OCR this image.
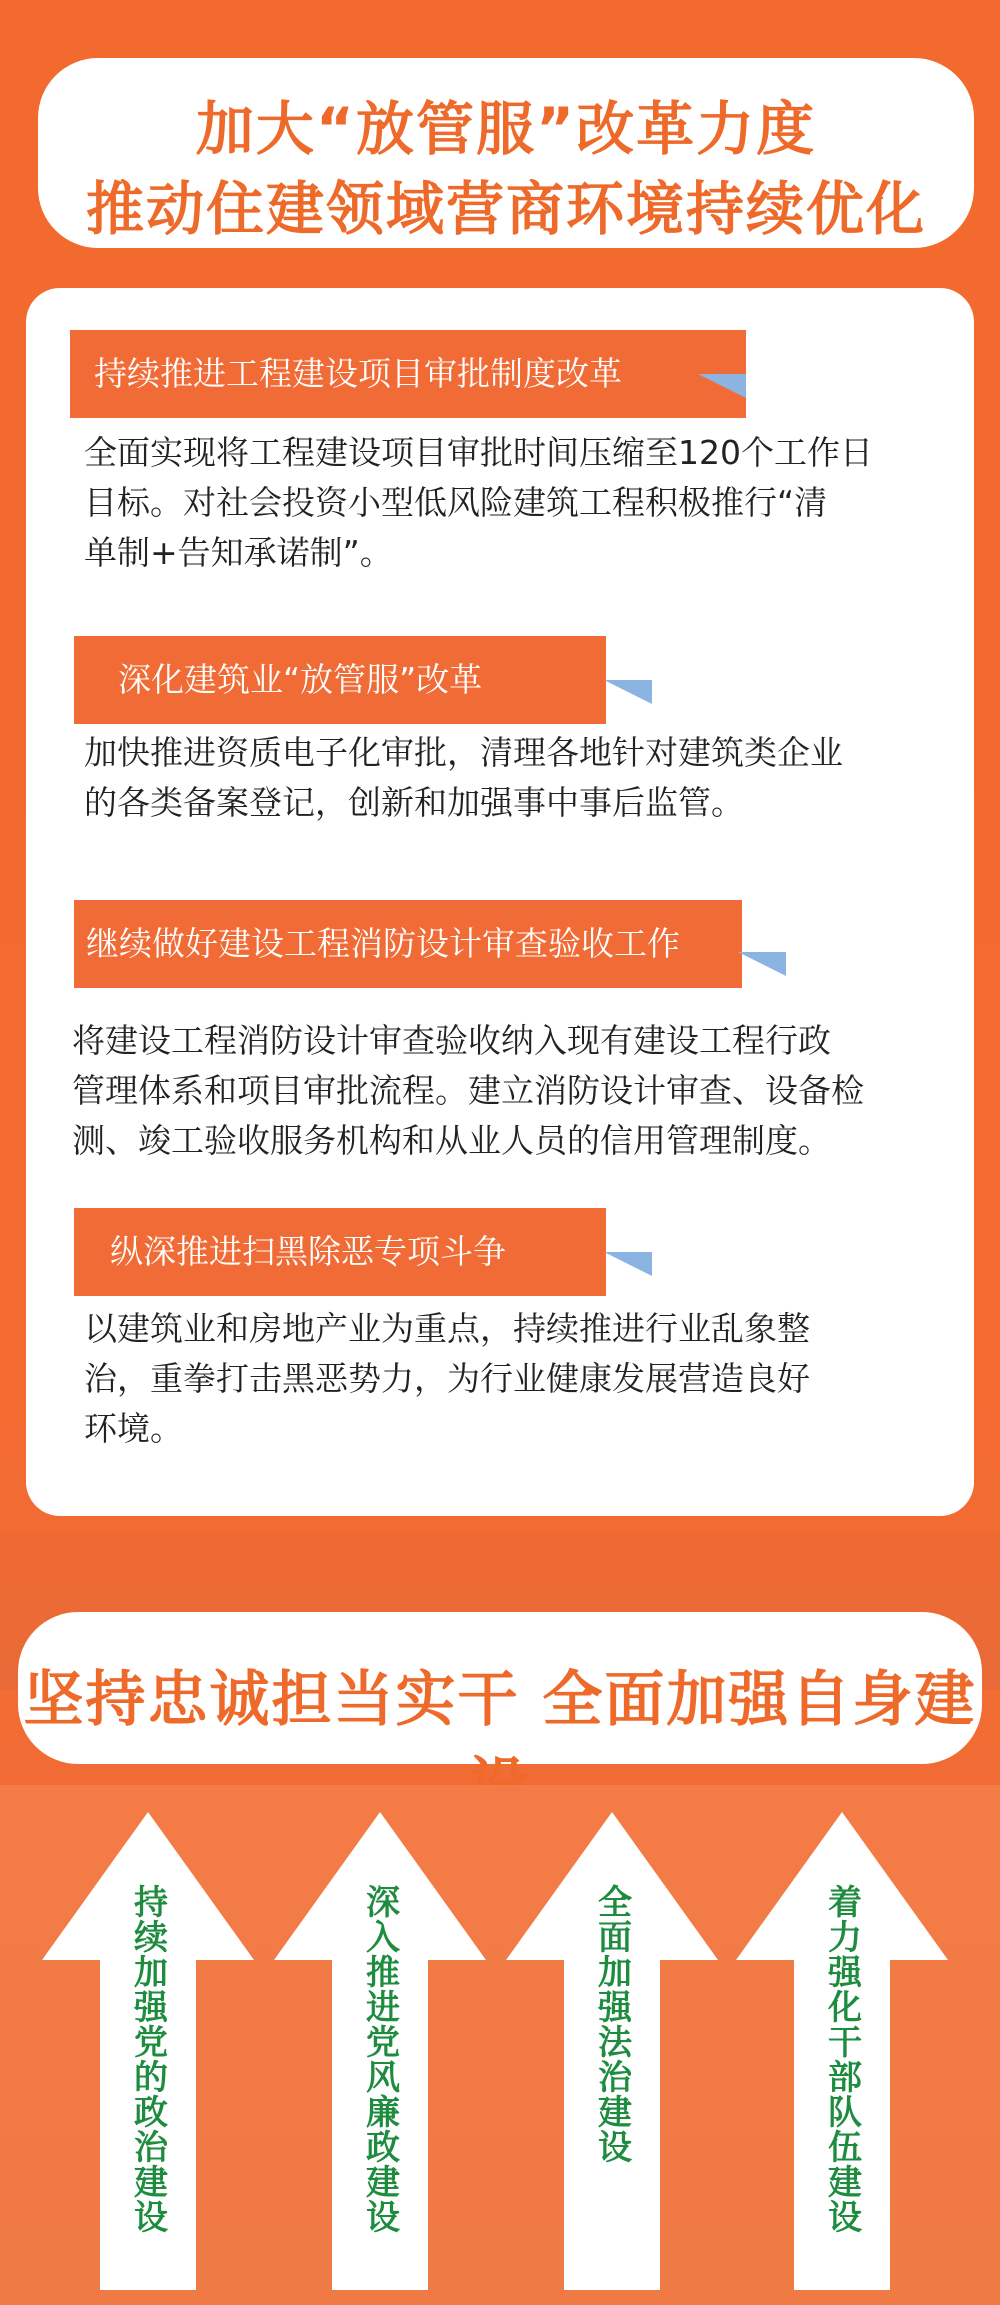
加大“放管服”改革力度
推动住建领域营商环境持续优化
持续推进工程建设项目审批制度改革
全面实现将工程建设项目审批时间压缩至120个工作日
目标。对社会投资小型低风险建筑工程积极推行“清
单制+告知承诺制”。
深化建筑业“放管服”改革
加快推进资质电子化审批，清理各地针对建筑类企业
的各类备案登记，创新和加强事中事后监管。
继续做好建设工程消防设计审查验收工作
将建设工程消防设计审查验收纳入现有建设工程行政
管理体系和项目审批流程。建立消防设计审查、设备检
测、竣工验收服务机构和从业人员的信用管理制度。
纵深推进扫黑除恶专项斗争
以建筑业和房地产业为重点，持续推进行业乱象整
治，重拳打击黑恶势力，为行业健康发展营造良好
环境。
坚持忠诚担当实干 全面加强自身建
持续加强党的政治建设	深入推进党风廉政建设	全面加强法治建设	着力强化干部队伍建设
